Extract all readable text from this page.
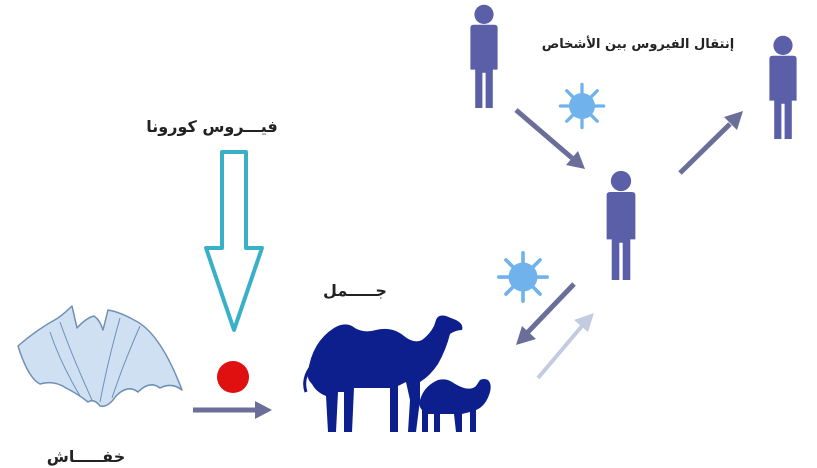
فيـــروس كورونا
جـــــمل
خفـــــاش
إنتقال الفيروس بين الأشخاص
